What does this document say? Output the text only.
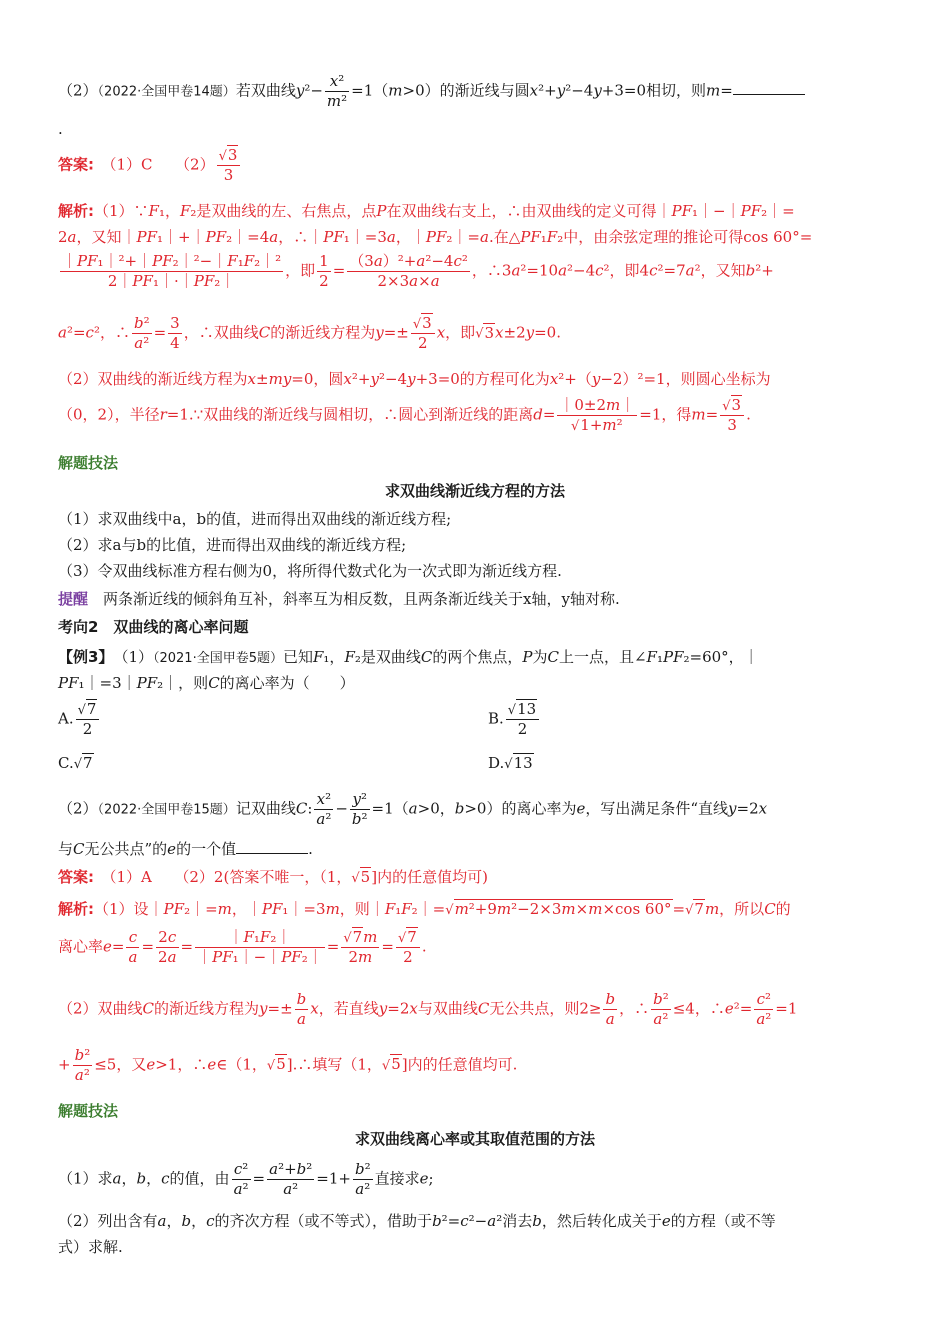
（2）（2022·全国甲卷14题）若双曲线$y^2- \frac{\text{x²}}{\text{m²}} =1(m>0)$的渐近线与圆x²+y²−4y+3=0相切，则m=
.
答案:　（1）C　　$(2) \frac{√3}{3}$
解析:（1）∵F₁，F₂是双曲线的左、右焦点，点P在双曲线右支上，∴由双曲线的定义可得｜PF₁｜−｜PF₂｜=
2a，又知｜PF₁｜+｜PF₂｜=4a，∴｜PF₁｜=3a，｜PF₂｜=a.在△PF₁F₂中，由余弦定理的推论可得cos 60°=
$\frac{\text{｜PF₁｜²+｜PF₂｜²−｜F₁F₂｜²}}{\text{2｜PF₁｜·｜PF₂｜}}$ ，即 $\frac{1}{2} = \frac{\text{（3a）²+a²−4c²}}{2\times 3a\times a}$ ，∴3a²=10a²−4c²，即4c²=7a²，又知b²+
a²=c²，∴ $\frac{\text{b²}}{\text{a²}} = \frac{3}{4}$ ，∴双曲线C的渐近线方程为$y=\pm \frac{√3}{2}$ x，即√3x±2y=0.
（2）双曲线的渐近线方程为x±my=0，圆x²+y²−4y+3=0的方程可化为x²+（y−2）²=1，则圆心坐标为
（0，2），半径r=1.∵双曲线的渐近线与圆相切，∴圆心到渐近线的距离$d= \frac{|0\pm 2m|}{\text{√1+m²}} =1$，得$m= \frac{√3}{3}$ .
解题技法
求双曲线渐近线方程的方法
（1）求双曲线中a，b的值，进而得出双曲线的渐近线方程;
（2）求a与b的比值，进而得出双曲线的渐近线方程;
（3）令双曲线标准方程右侧为0，将所得代数式化为一次式即为渐近线方程.
提醒　 两条渐近线的倾斜角互补，斜率互为相反数，且两条渐近线关于x轴，y轴对称.
考向2　双曲线的离心率问题
【例3】　（1）（2021·全国甲卷5题）已知F₁，F₂是双曲线C的两个焦点，P为C上一点，且∠F₁PF₂=60°，｜
PF₁｜=3｜PF₂｜，则C的离心率为（　　）
A. $\frac{√7}{2}$	B. $\frac{√13}{2}$
C.√7	D.√13
（2）（2022·全国甲卷15题）记双曲线C: $\frac{\text{x²}}{\text{a²}} - \frac{\text{y²}}{\text{b²}} =1(a>0$，b>0）的离心率为e，写出满足条件“直线y=2x
与C无公共点”的e的一个值	.
答案:　（1）A　　（2）2(答案不唯一，（1，√5]内的任意值均可)
解析:（1）设｜PF₂｜=m，｜PF₁｜=3m，则｜F₁F₂｜=√m²+9m²−2×3m×m×cos 60°=√7m，所以C的
离心率$e= \frac{c}{a} = \frac{2c}{2a} = \frac{\text{｜F₁F₂｜}}{\text{｜PF₁｜−｜PF₂｜}} = \frac{√7m}{2m} = \frac{√7}{2}$ .
（2）双曲线C的渐近线方程为$y=\pm \frac{b}{a}$ x，若直线y=2x与双曲线C无公共点，则$2\ge \frac{b}{a}$ ，∴ $\frac{\text{b²}}{\text{a²}} \le 4$，∴e²= $\frac{\text{c²}}{\text{a²}} =1$
+ $\frac{\text{b²}}{\text{a²}} \le 5$，又e>1，∴e∈（1，√5].∴填写（1，√5]内的任意值均可.
解题技法
求双曲线离心率或其取值范围的方法
（1）求a，b，c的值，由 $\frac{\text{c²}}{\text{a²}} = \frac{\text{a²+b²}}{\text{a²}} =1+ \frac{\text{b²}}{\text{a²}}$ 直接求e;
（2）列出含有a，b，c的齐次方程（或不等式），借助于b²=c²−a²消去b，然后转化成关于e的方程（或不等
式）求解.
